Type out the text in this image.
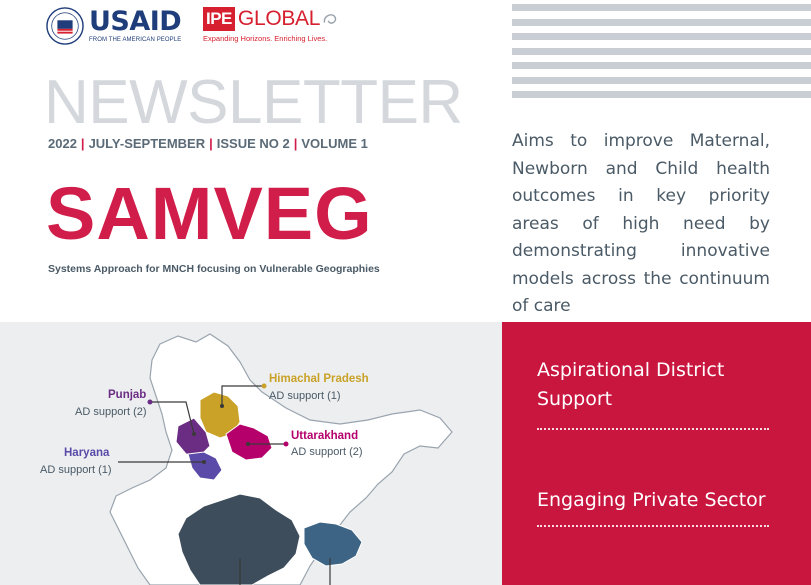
USAID
FROM THE AMERICAN PEOPLE
IPE GLOBAL
Expanding Horizons. Enriching Lives.
NEWSLETTER
2022 | JULY-SEPTEMBER | ISSUE NO 2 | VOLUME 1
SAMVEG
Systems Approach for MNCH focusing on Vulnerable Geographies
Aims to improve Maternal, Newborn and Child health outcomes in key priority areas of high need by demonstrating innovative models across the continuum of care
Himachal Pradesh
AD support (1)
Punjab
AD support (2)
Uttarakhand
AD support (2)
Haryana
AD support (1)
Aspirational District Support
Engaging Private Sector
